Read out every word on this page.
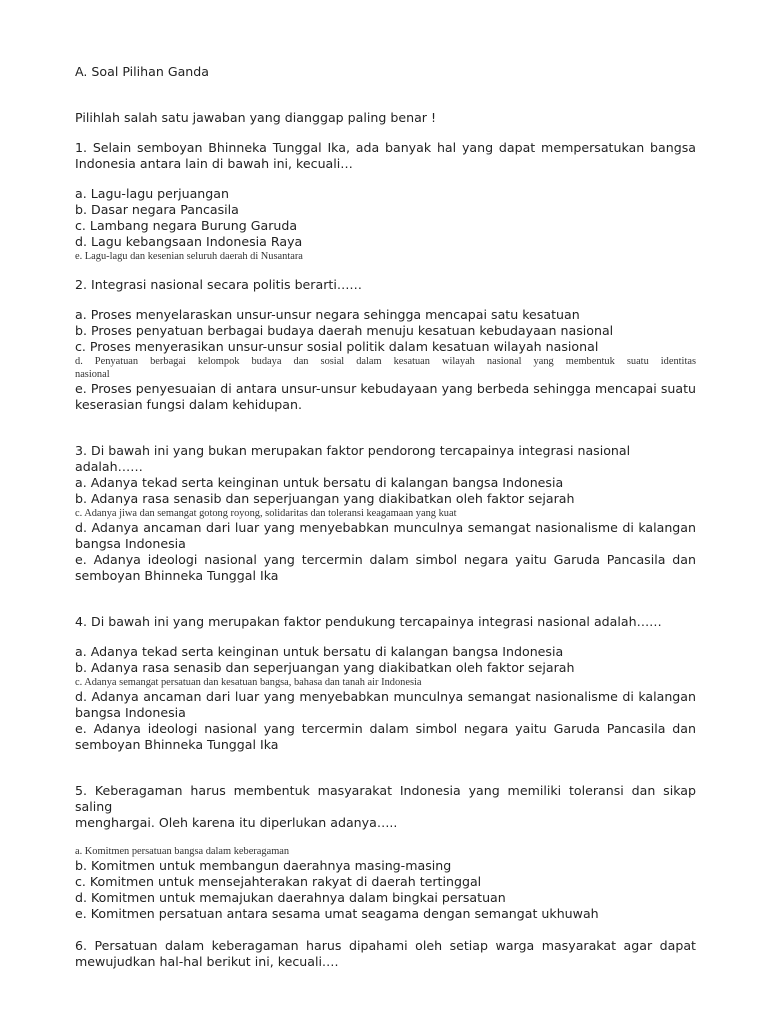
A. Soal Pilihan Ganda

Pilihlah salah satu jawaban yang dianggap paling benar !

1. Selain semboyan Bhinneka Tunggal Ika, ada banyak hal yang dapat mempersatukan bangsa

Indonesia antara lain di bawah ini, kecuali…

a. Lagu-lagu perjuangan

b. Dasar negara Pancasila

c. Lambang negara Burung Garuda

d. Lagu kebangsaan Indonesia Raya

e. Lagu-lagu dan kesenian seluruh daerah di Nusantara

2. Integrasi nasional secara politis berarti……

a. Proses menyelaraskan unsur-unsur negara sehingga mencapai satu kesatuan

b. Proses penyatuan berbagai budaya daerah menuju kesatuan kebudayaan nasional

c. Proses menyerasikan unsur-unsur sosial politik dalam kesatuan wilayah nasional

d. Penyatuan berbagai kelompok budaya dan sosial dalam kesatuan wilayah nasional yang membentuk suatu identitas

nasional

e. Proses penyesuaian di antara unsur-unsur kebudayaan yang berbeda sehingga mencapai suatu

keserasian fungsi dalam kehidupan.

3. Di bawah ini yang bukan merupakan faktor pendorong tercapainya integrasi nasional adalah……

a. Adanya tekad serta keinginan untuk bersatu di kalangan bangsa Indonesia

b. Adanya rasa senasib dan seperjuangan yang diakibatkan oleh faktor sejarah

c. Adanya jiwa dan semangat gotong royong, solidaritas dan toleransi keagamaan yang kuat

d. Adanya ancaman dari luar yang menyebabkan munculnya semangat nasionalisme di kalangan

bangsa Indonesia

e. Adanya ideologi nasional yang tercermin dalam simbol negara yaitu Garuda Pancasila dan

semboyan Bhinneka Tunggal Ika

4. Di bawah ini yang merupakan faktor pendukung tercapainya integrasi nasional adalah……

a. Adanya tekad serta keinginan untuk bersatu di kalangan bangsa Indonesia

b. Adanya rasa senasib dan seperjuangan yang diakibatkan oleh faktor sejarah

c. Adanya semangat persatuan dan kesatuan bangsa, bahasa dan tanah air Indonesia

d. Adanya ancaman dari luar yang menyebabkan munculnya semangat nasionalisme di kalangan

bangsa Indonesia

e. Adanya ideologi nasional yang tercermin dalam simbol negara yaitu Garuda Pancasila dan

semboyan Bhinneka Tunggal Ika

5. Keberagaman harus membentuk masyarakat Indonesia yang memiliki toleransi dan sikap saling

menghargai. Oleh karena itu diperlukan adanya…..

a. Komitmen persatuan bangsa dalam keberagaman

b. Komitmen untuk membangun daerahnya masing-masing

c. Komitmen untuk mensejahterakan rakyat di daerah tertinggal

d. Komitmen untuk memajukan daerahnya dalam bingkai persatuan

e. Komitmen persatuan antara sesama umat seagama dengan semangat ukhuwah

6. Persatuan dalam keberagaman harus dipahami oleh setiap warga masyarakat agar dapat

mewujudkan hal-hal berikut ini, kecuali….
